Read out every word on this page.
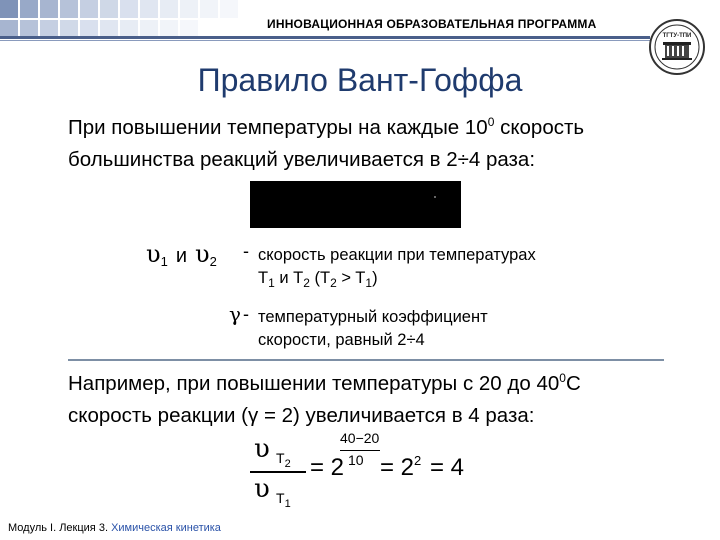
ИННОВАЦИОННАЯ ОБРАЗОВАТЕЛЬНАЯ ПРОГРАММА
ТГТУ-ТПИ
Правило Вант-Гоффа
При повышении температуры на каждые $10^0$ скорость
большинства реакций увеличивается в 2÷4 раза:
$\upsilon_1$ и $\upsilon_2$
- скорость реакции при температурах
$T_1$ и $T_2$ $(T_2 > T_1)$
γ - температурный коэффициент
скорости, равный 2÷4
Например, при повышении температуры с 20 до $40^0С$
скорость реакции (γ = 2) увеличивается в 4 раза:
υ $T_2$
υ $T_1$
= 2
40−20
$10 = 2^2 = 4$
Модуль I. Лекция 3. Химическая кинетика
